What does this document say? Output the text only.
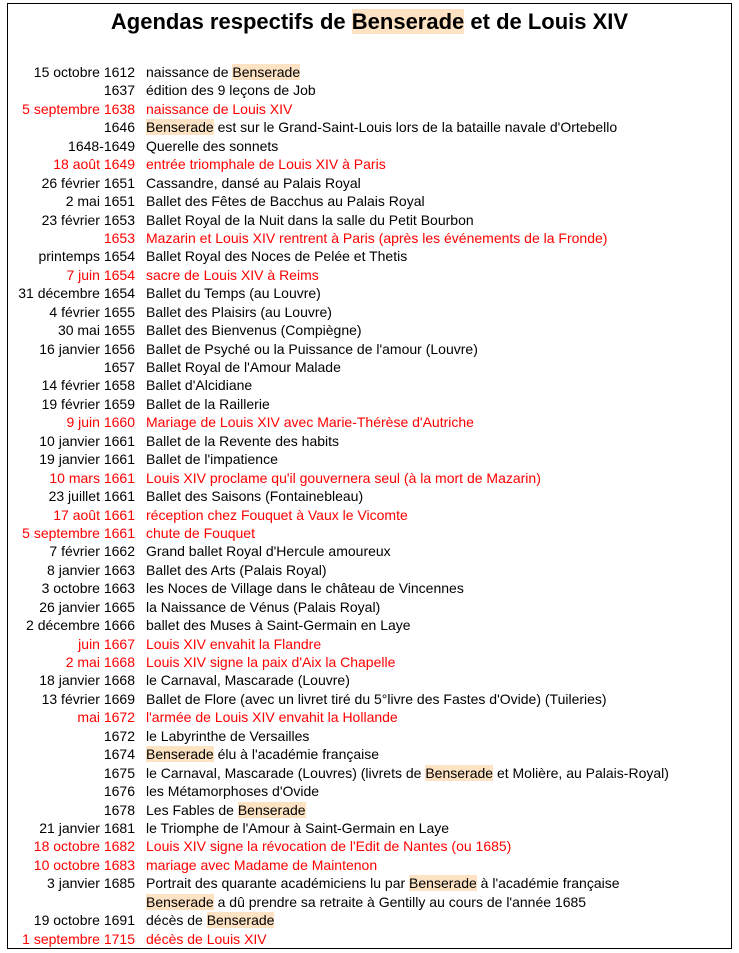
Agendas respectifs de Benserade et de Louis XIV
15 octobre 1612 naissance de Benserade
1637 édition des 9 leçons de Job
5 septembre 1638 naissance de Louis XIV
1646 Benserade est sur le Grand-Saint-Louis lors de la bataille navale d'Ortebello
1648-1649 Querelle des sonnets
18 août 1649 entrée triomphale de Louis XIV à Paris
26 février 1651 Cassandre, dansé au Palais Royal
2 mai 1651 Ballet des Fêtes de Bacchus au Palais Royal
23 février 1653 Ballet Royal de la Nuit dans la salle du Petit Bourbon
1653 Mazarin et Louis XIV rentrent à Paris (après les événements de la Fronde)
printemps 1654 Ballet Royal des Noces de Pelée et Thetis
7 juin 1654 sacre de Louis XIV à Reims
31 décembre 1654 Ballet du Temps (au Louvre)
4 février 1655 Ballet des Plaisirs (au Louvre)
30 mai 1655 Ballet des Bienvenus (Compiègne)
16 janvier 1656 Ballet de Psyché ou la Puissance de l'amour (Louvre)
1657 Ballet Royal de l'Amour Malade
14 février 1658 Ballet d'Alcidiane
19 février 1659 Ballet de la Raillerie
9 juin 1660 Mariage de Louis XIV avec Marie-Thérèse d'Autriche
10 janvier 1661 Ballet de la Revente des habits
19 janvier 1661 Ballet de l'impatience
10 mars 1661 Louis XIV proclame qu'il gouvernera seul (à la mort de Mazarin)
23 juillet 1661 Ballet des Saisons (Fontainebleau)
17 août 1661 réception chez Fouquet à Vaux le Vicomte
5 septembre 1661 chute de Fouquet
7 février 1662 Grand ballet Royal d'Hercule amoureux
8 janvier 1663 Ballet des Arts (Palais Royal)
3 octobre 1663 les Noces de Village dans le château de Vincennes
26 janvier 1665 la Naissance de Vénus (Palais Royal)
2 décembre 1666 ballet des Muses à Saint-Germain en Laye
juin 1667 Louis XIV envahit la Flandre
2 mai 1668 Louis XIV signe la paix d'Aix la Chapelle
18 janvier 1668 le Carnaval, Mascarade (Louvre)
13 février 1669 Ballet de Flore (avec un livret tiré du 5°livre des Fastes d'Ovide) (Tuileries)
mai 1672 l'armée de Louis XIV envahit la Hollande
1672 le Labyrinthe de Versailles
1674 Benserade élu à l'académie française
1675 le Carnaval, Mascarade (Louvres) (livrets de Benserade et Molière, au Palais-Royal)
1676 les Métamorphoses d'Ovide
1678 Les Fables de Benserade
21 janvier 1681 le Triomphe de l'Amour à Saint-Germain en Laye
18 octobre 1682 Louis XIV signe la révocation de l'Edit de Nantes (ou 1685)
10 octobre 1683 mariage avec Madame de Maintenon
3 janvier 1685 Portrait des quarante académiciens lu par Benserade à l'académie française
Benserade a dû prendre sa retraite à Gentilly au cours de l'année 1685
19 octobre 1691 décès de Benserade
1 septembre 1715 décès de Louis XIV
